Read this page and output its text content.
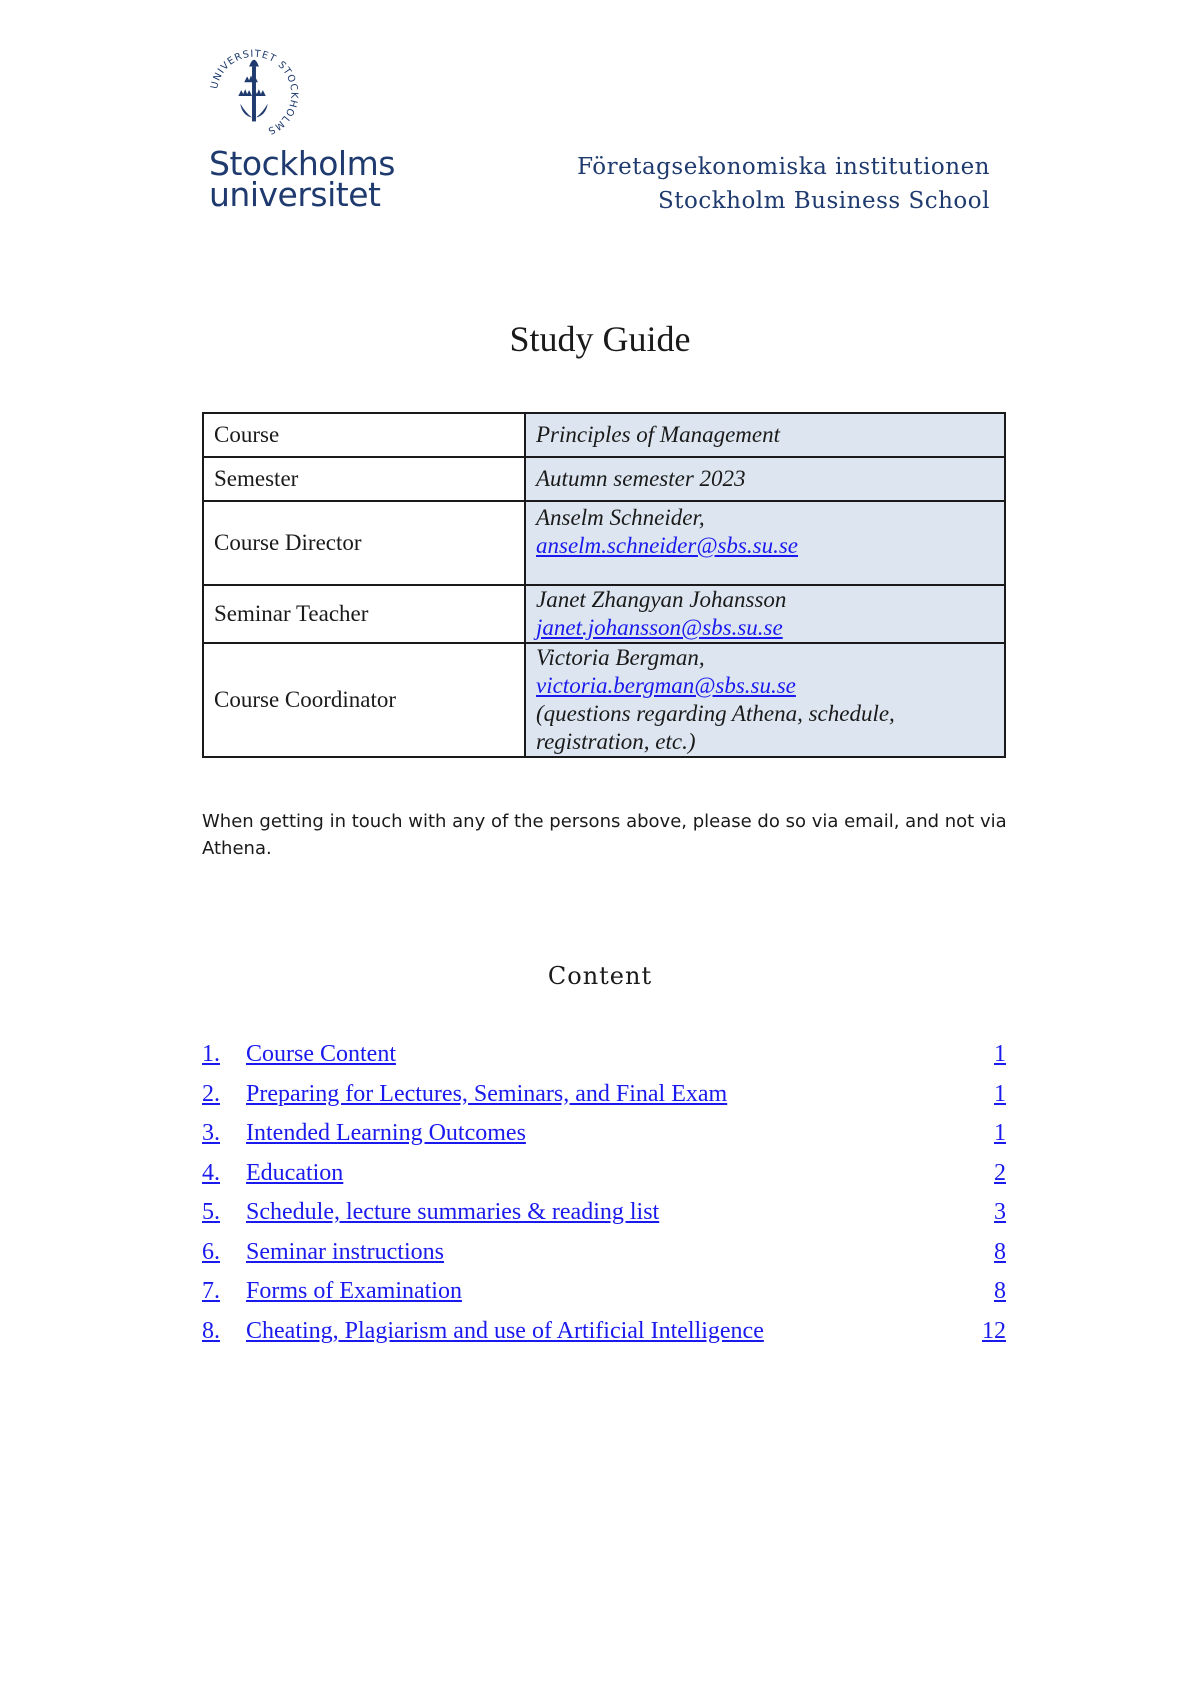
UNIVERSITET STOCKHOLMS
Stockholms
universitet
Företagsekonomiska institutionen
Stockholm Business School
Study Guide
Course	Principles of Management
Semester	Autumn semester 2023
Course Director	Anselm Schneider,
anselm.schneider@sbs.su.se

Seminar Teacher	Janet Zhangyan Johansson
janet.johansson@sbs.su.se

Course Coordinator	Victoria Bergman,
victoria.bergman@sbs.su.se
(questions regarding Athena, schedule, registration, etc.)
When getting in touch with any of the persons above, please do so via email, and not via Athena.
Content
1. Course Content	1
2. Preparing for Lectures, Seminars, and Final Exam	1
3. Intended Learning Outcomes	1
4. Education	2
5. Schedule, lecture summaries & reading list	3
6. Seminar instructions	8
7. Forms of Examination	8
8. Cheating, Plagiarism and use of Artificial Intelligence	12
